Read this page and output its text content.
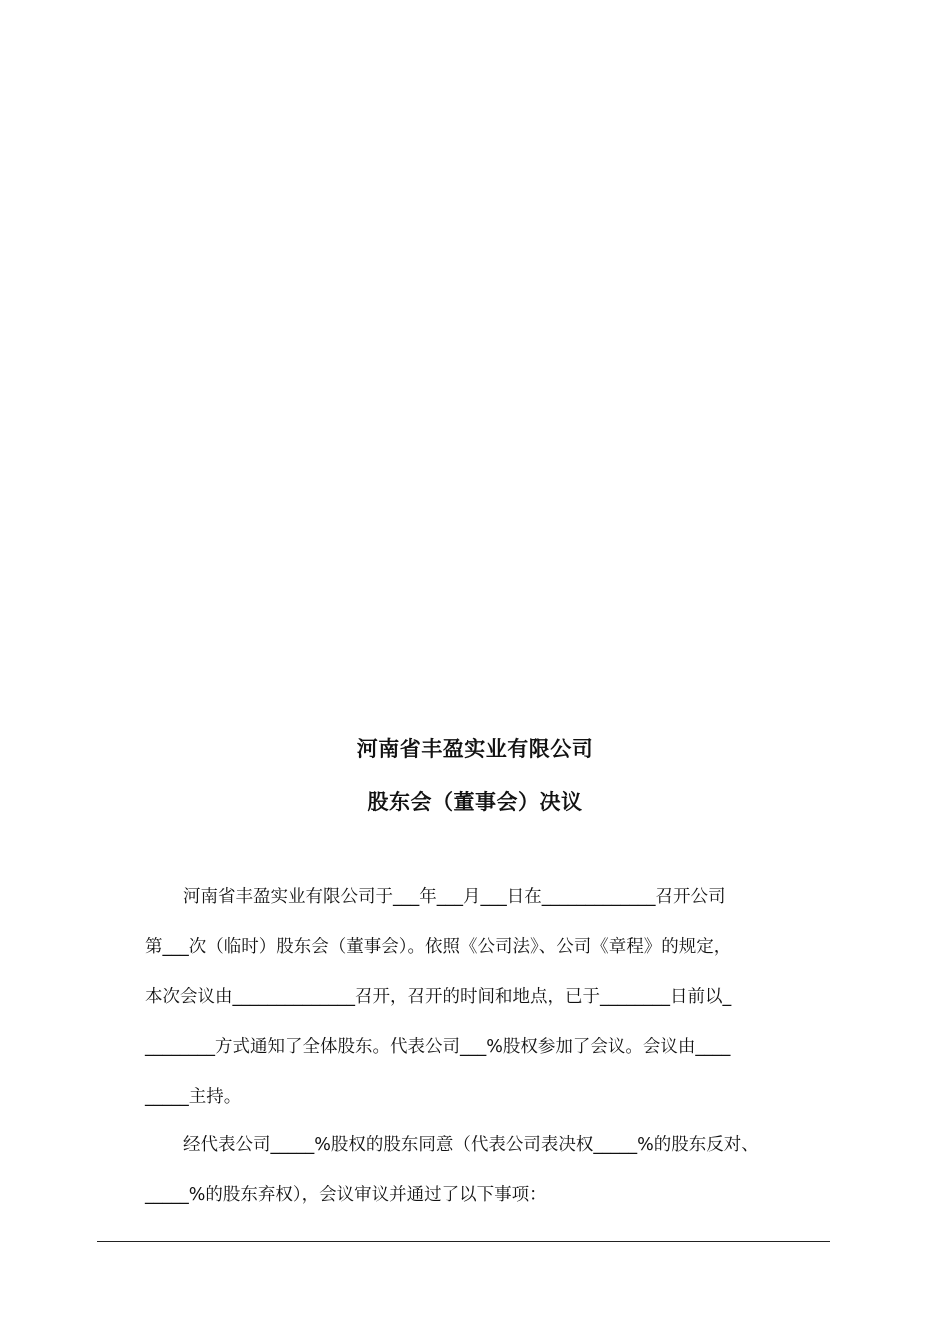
河南省丰盈实业有限公司
股东会（董事会）决议
河南省丰盈实业有限公司于___年___月___日在_____________召开公司
第___次（临时）股东会（董事会）。依照《公司法》、公司《章程》的规定，
本次会议由______________召开，召开的时间和地点，已于________日前以_
________方式通知了全体股东。代表公司___%股权参加了会议。会议由____
_____主持。
经代表公司_____%股权的股东同意（代表公司表决权_____%的股东反对、
_____%的股东弃权），会议审议并通过了以下事项：
